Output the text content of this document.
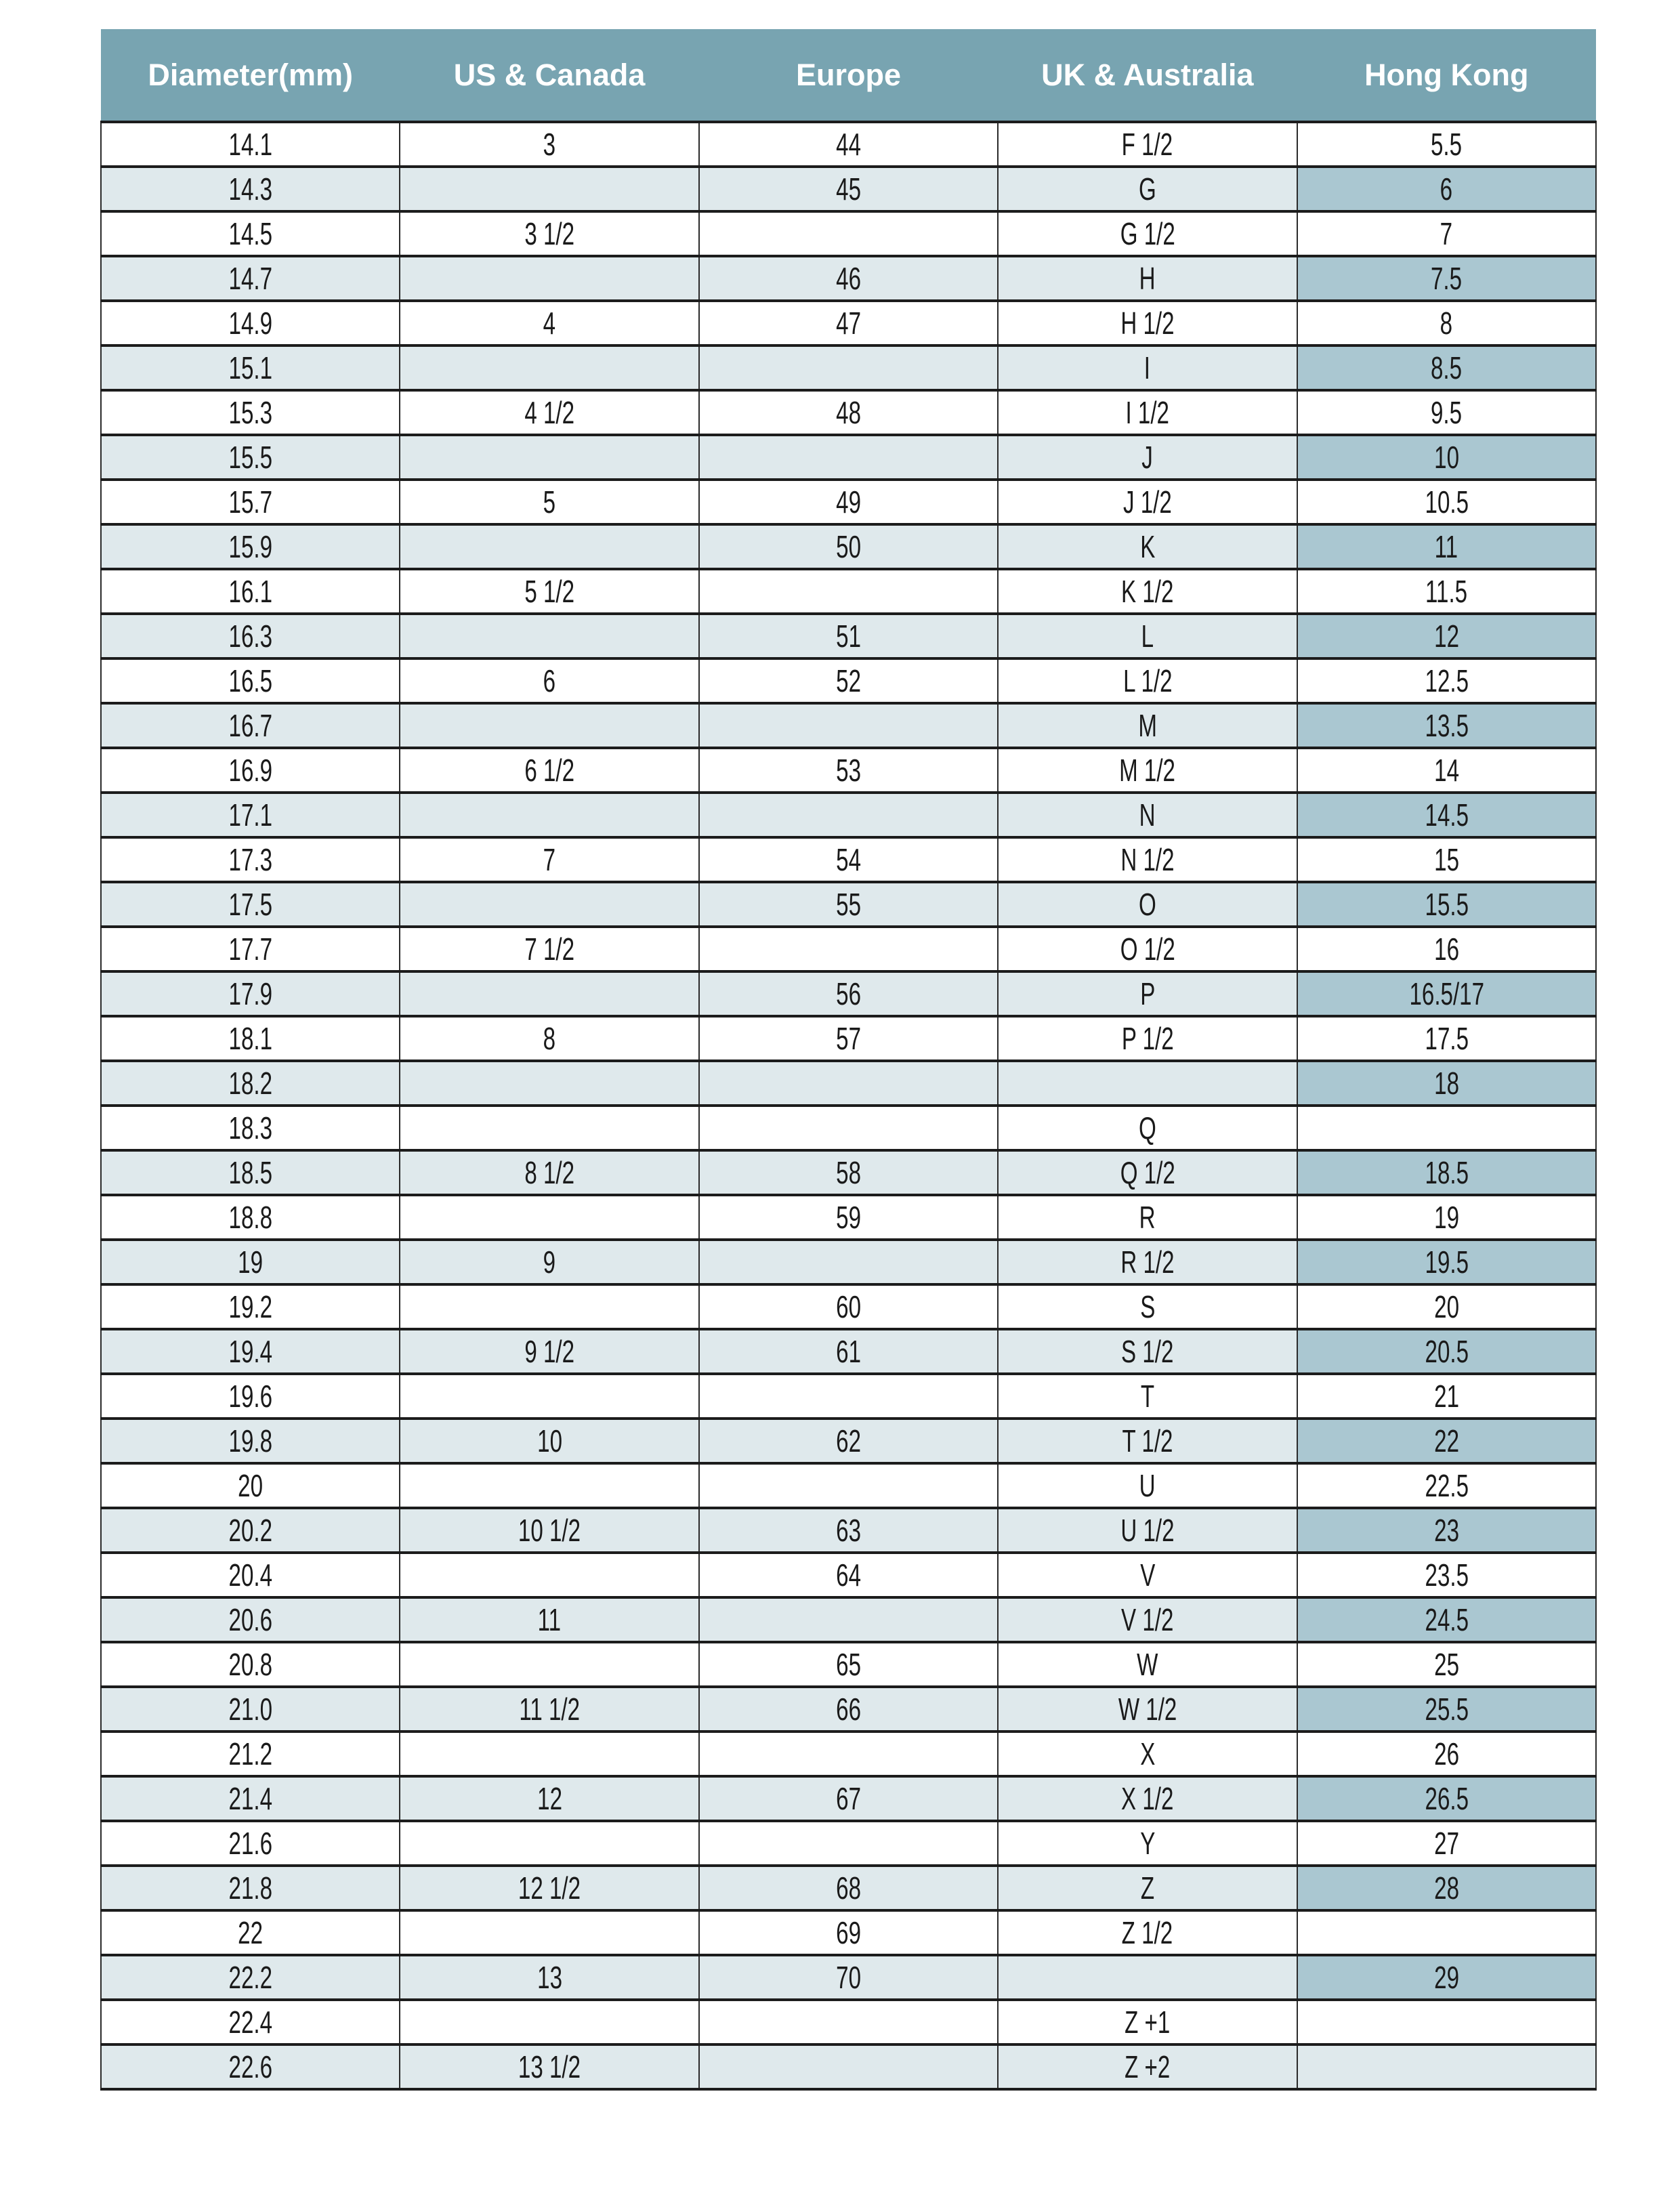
Diameter(mm)	US & Canada	Europe	UK & Australia	Hong Kong
14.1	3	44	F 1/2	5.5
14.3		45	G	6
14.5	3 1/2		G 1/2	7
14.7		46	H	7.5
14.9	4	47	H 1/2	8
15.1			I	8.5
15.3	4 1/2	48	I 1/2	9.5
15.5			J	10
15.7	5	49	J 1/2	10.5
15.9		50	K	11
16.1	5 1/2		K 1/2	11.5
16.3		51	L	12
16.5	6	52	L 1/2	12.5
16.7			M	13.5
16.9	6 1/2	53	M 1/2	14
17.1			N	14.5
17.3	7	54	N 1/2	15
17.5		55	O	15.5
17.7	7 1/2		O 1/2	16
17.9		56	P	16.5/17
18.1	8	57	P 1/2	17.5
18.2				18
18.3			Q	
18.5	8 1/2	58	Q 1/2	18.5
18.8		59	R	19
19	9		R 1/2	19.5
19.2		60	S	20
19.4	9 1/2	61	S 1/2	20.5
19.6			T	21
19.8	10	62	T 1/2	22
20			U	22.5
20.2	10 1/2	63	U 1/2	23
20.4		64	V	23.5
20.6	11		V 1/2	24.5
20.8		65	W	25
21.0	11 1/2	66	W 1/2	25.5
21.2			X	26
21.4	12	67	X 1/2	26.5
21.6			Y	27
21.8	12 1/2	68	Z	28
22		69	Z 1/2	
22.2	13	70		29
22.4			Z +1	
22.6	13 1/2		Z +2	
